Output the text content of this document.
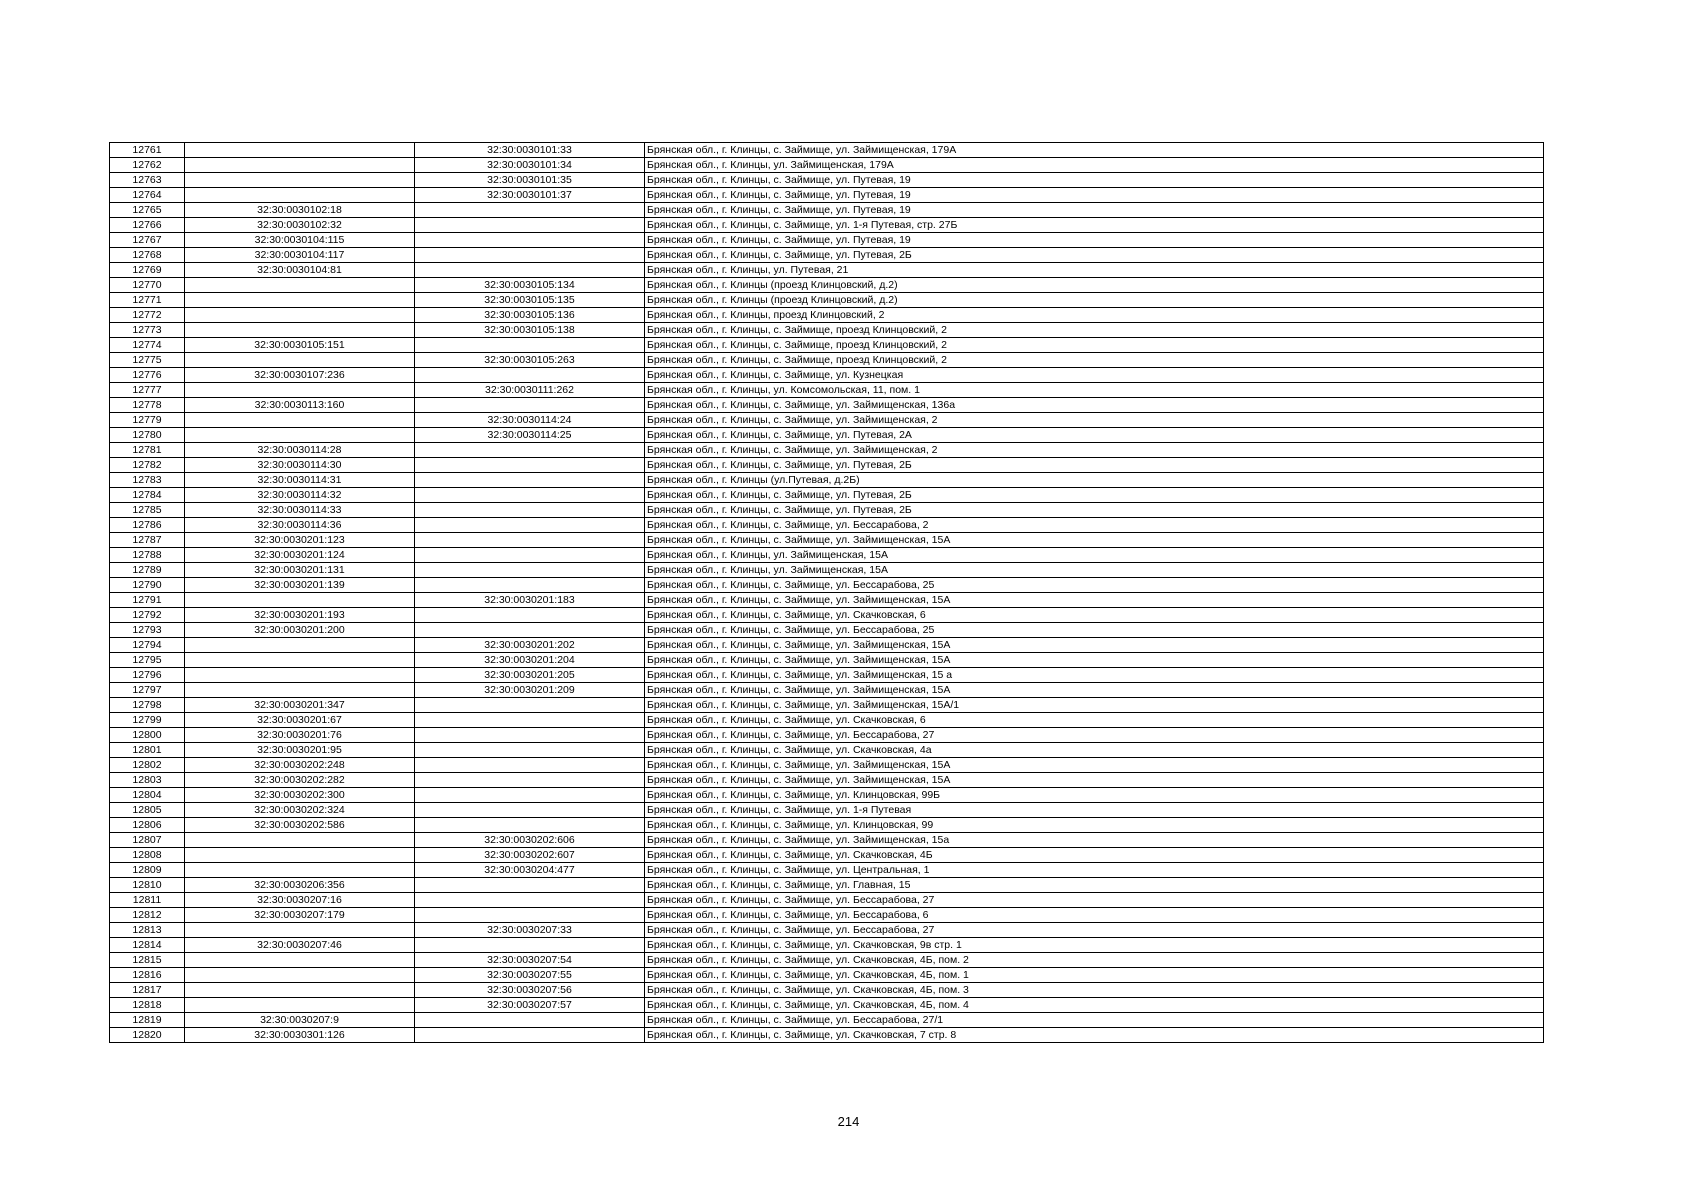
12761		32:30:0030101:33	Брянская обл., г. Клинцы, с. Займище, ул. Займищенская, 179А
12762		32:30:0030101:34	Брянская обл., г. Клинцы, ул. Займищенская, 179А
12763		32:30:0030101:35	Брянская обл., г. Клинцы, с. Займище, ул. Путевая, 19
12764		32:30:0030101:37	Брянская обл., г. Клинцы, с. Займище, ул. Путевая, 19
12765	32:30:0030102:18		Брянская обл., г. Клинцы, с. Займище, ул. Путевая, 19
12766	32:30:0030102:32		Брянская обл., г. Клинцы, с. Займище, ул. 1-я Путевая, стр. 27Б
12767	32:30:0030104:115		Брянская обл., г. Клинцы, с. Займище, ул. Путевая, 19
12768	32:30:0030104:117		Брянская обл., г. Клинцы, с. Займище, ул. Путевая, 2Б
12769	32:30:0030104:81		Брянская обл., г. Клинцы, ул. Путевая, 21
12770		32:30:0030105:134	Брянская обл., г. Клинцы (проезд Клинцовский, д.2)
12771		32:30:0030105:135	Брянская обл., г. Клинцы (проезд Клинцовский, д.2)
12772		32:30:0030105:136	Брянская обл., г. Клинцы, проезд Клинцовский, 2
12773		32:30:0030105:138	Брянская обл., г. Клинцы, с. Займище, проезд Клинцовский, 2
12774	32:30:0030105:151		Брянская обл., г. Клинцы, с. Займище, проезд Клинцовский, 2
12775		32:30:0030105:263	Брянская обл., г. Клинцы, с. Займище, проезд Клинцовский, 2
12776	32:30:0030107:236		Брянская обл., г. Клинцы, с. Займище, ул. Кузнецкая
12777		32:30:0030111:262	Брянская обл., г. Клинцы, ул. Комсомольская, 11, пом. 1
12778	32:30:0030113:160		Брянская обл., г. Клинцы, с. Займище, ул. Займищенская, 136а
12779		32:30:0030114:24	Брянская обл., г. Клинцы, с. Займище, ул. Займищенская, 2
12780		32:30:0030114:25	Брянская обл., г. Клинцы, с. Займище, ул. Путевая, 2А
12781	32:30:0030114:28		Брянская обл., г. Клинцы, с. Займище, ул. Займищенская, 2
12782	32:30:0030114:30		Брянская обл., г. Клинцы, с. Займище, ул. Путевая, 2Б
12783	32:30:0030114:31		Брянская обл., г. Клинцы (ул.Путевая, д.2Б)
12784	32:30:0030114:32		Брянская обл., г. Клинцы, с. Займище, ул. Путевая, 2Б
12785	32:30:0030114:33		Брянская обл., г. Клинцы, с. Займище, ул. Путевая, 2Б
12786	32:30:0030114:36		Брянская обл., г. Клинцы, с. Займище, ул. Бессарабова, 2
12787	32:30:0030201:123		Брянская обл., г. Клинцы, с. Займище, ул. Займищенская, 15А
12788	32:30:0030201:124		Брянская обл., г. Клинцы, ул. Займищенская, 15А
12789	32:30:0030201:131		Брянская обл., г. Клинцы, ул. Займищенская, 15А
12790	32:30:0030201:139		Брянская обл., г. Клинцы, с. Займище, ул. Бессарабова, 25
12791		32:30:0030201:183	Брянская обл., г. Клинцы, с. Займище, ул. Займищенская, 15А
12792	32:30:0030201:193		Брянская обл., г. Клинцы, с. Займище, ул. Скачковская, 6
12793	32:30:0030201:200		Брянская обл., г. Клинцы, с. Займище, ул. Бессарабова, 25
12794		32:30:0030201:202	Брянская обл., г. Клинцы, с. Займище, ул. Займищенская, 15А
12795		32:30:0030201:204	Брянская обл., г. Клинцы, с. Займище, ул. Займищенская, 15А
12796		32:30:0030201:205	Брянская обл., г. Клинцы, с. Займище, ул. Займищенская, 15 а
12797		32:30:0030201:209	Брянская обл., г. Клинцы, с. Займище, ул. Займищенская, 15А
12798	32:30:0030201:347		Брянская обл., г. Клинцы, с. Займище, ул. Займищенская, 15А/1
12799	32:30:0030201:67		Брянская обл., г. Клинцы, с. Займище, ул. Скачковская, 6
12800	32:30:0030201:76		Брянская обл., г. Клинцы, с. Займище, ул. Бессарабова, 27
12801	32:30:0030201:95		Брянская обл., г. Клинцы, с. Займище, ул. Скачковская, 4а
12802	32:30:0030202:248		Брянская обл., г. Клинцы, с. Займище, ул. Займищенская, 15А
12803	32:30:0030202:282		Брянская обл., г. Клинцы, с. Займище, ул. Займищенская, 15А
12804	32:30:0030202:300		Брянская обл., г. Клинцы, с. Займище, ул. Клинцовская, 99Б
12805	32:30:0030202:324		Брянская обл., г. Клинцы, с. Займище, ул. 1-я Путевая
12806	32:30:0030202:586		Брянская обл., г. Клинцы, с. Займище, ул. Клинцовская, 99
12807		32:30:0030202:606	Брянская обл., г. Клинцы, с. Займище, ул. Займищенская, 15а
12808		32:30:0030202:607	Брянская обл., г. Клинцы, с. Займище, ул. Скачковская, 4Б
12809		32:30:0030204:477	Брянская обл., г. Клинцы, с. Займище, ул. Центральная, 1
12810	32:30:0030206:356		Брянская обл., г. Клинцы, с. Займище, ул. Главная, 15
12811	32:30:0030207:16		Брянская обл., г. Клинцы, с. Займище, ул. Бессарабова, 27
12812	32:30:0030207:179		Брянская обл., г. Клинцы, с. Займище, ул. Бессарабова, 6
12813		32:30:0030207:33	Брянская обл., г. Клинцы, с. Займище, ул. Бессарабова, 27
12814	32:30:0030207:46		Брянская обл., г. Клинцы, с. Займище, ул. Скачковская, 9в стр. 1
12815		32:30:0030207:54	Брянская обл., г. Клинцы, с. Займище, ул. Скачковская, 4Б, пом. 2
12816		32:30:0030207:55	Брянская обл., г. Клинцы, с. Займище, ул. Скачковская, 4Б, пом. 1
12817		32:30:0030207:56	Брянская обл., г. Клинцы, с. Займище, ул. Скачковская, 4Б, пом. 3
12818		32:30:0030207:57	Брянская обл., г. Клинцы, с. Займище, ул. Скачковская, 4Б, пом. 4
12819	32:30:0030207:9		Брянская обл., г. Клинцы, с. Займище, ул. Бессарабова, 27/1
12820	32:30:0030301:126		Брянская обл., г. Клинцы, с. Займище, ул. Скачковская, 7 стр. 8
214
